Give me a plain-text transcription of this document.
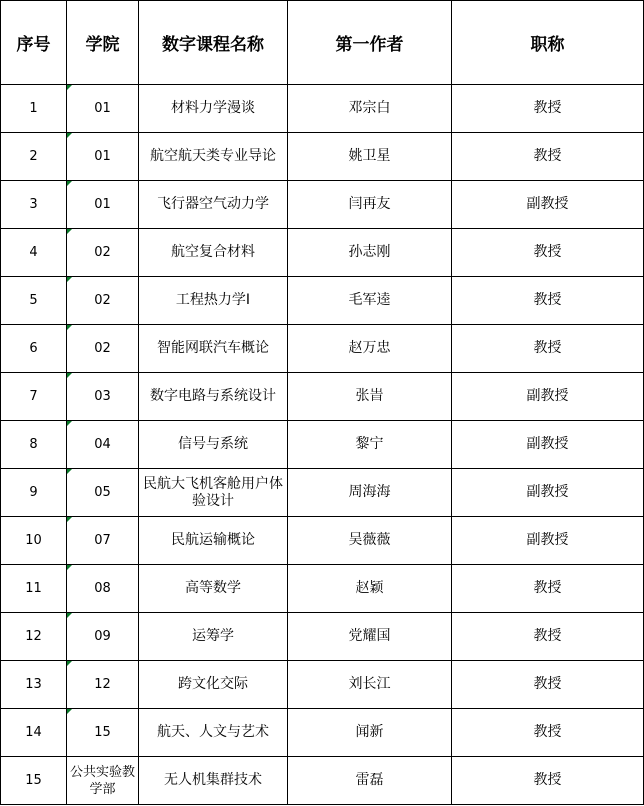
序号	学院	数字课程名称	第一作者	职称
1	01	材料力学漫谈	邓宗白	教授
2	01	航空航天类专业导论	姚卫星	教授
3	01	飞行器空气动力学	闫再友	副教授
4	02	航空复合材料	孙志刚	教授
5	02	工程热力学I	毛军逵	教授
6	02	智能网联汽车概论	赵万忠	教授
7	03	数字电路与系统设计	张旹	副教授
8	04	信号与系统	黎宁	副教授
9	05	民航大飞机客舱用户体验设计	周海海	副教授
10	07	民航运输概论	吴薇薇	副教授
11	08	高等数学	赵颖	教授
12	09	运筹学	党耀国	教授
13	12	跨文化交际	刘长江	教授
14	15	航天、人文与艺术	闻新	教授
15	公共实验教学部	无人机集群技术	雷磊	教授
